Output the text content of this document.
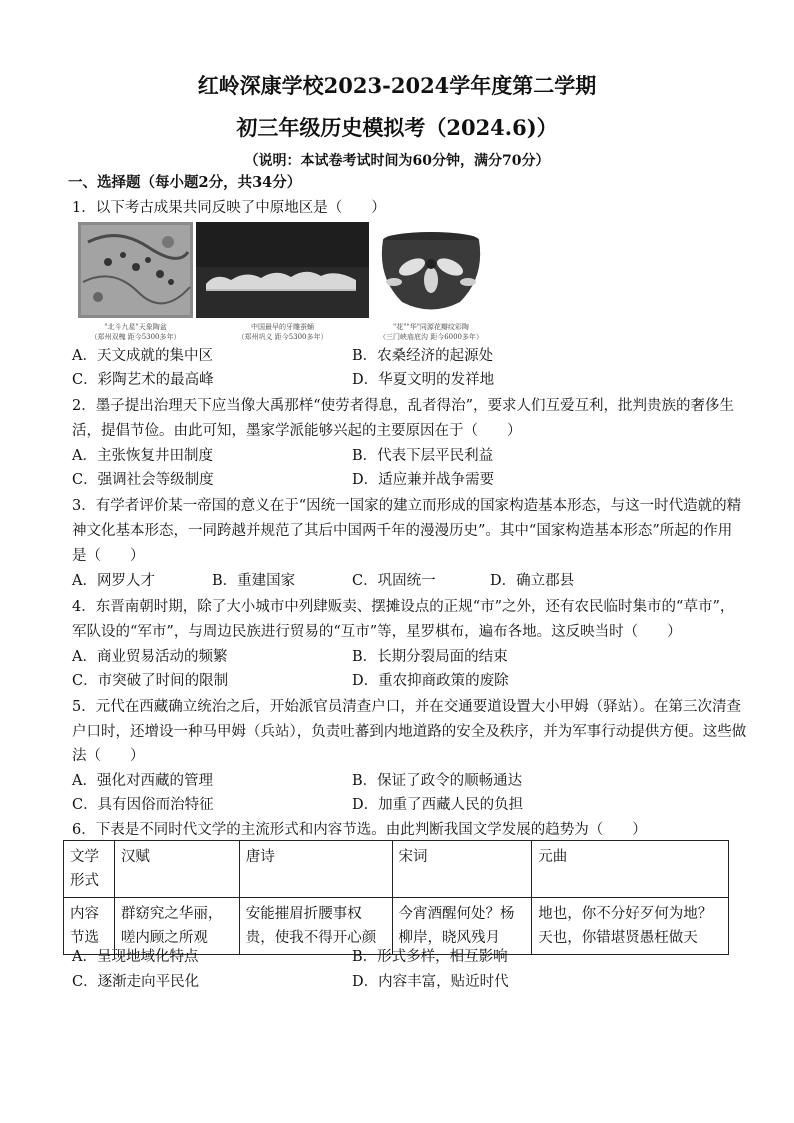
红岭深康学校2023-2024学年度第二学期
初三年级历史模拟考（2024.6)）
（说明：本试卷考试时间为60分钟，满分70分）
一、选择题（每小题2分，共34分）
1．以下考古成果共同反映了中原地区是（　　）
"北斗九星"天象陶盆
（郑州双槐 距今5300多年）
中国最早的牙雕蚕蛹
（郑州巩义 距今5300多年）
"花""华"同源花瓣纹彩陶
（三门峡庙底沟 距今6000多年）
A．天文成就的集中区	B．农桑经济的起源处
C．彩陶艺术的最高峰	D．华夏文明的发祥地
2．墨子提出治理天下应当像大禹那样“使劳者得息，乱者得治”，要求人们互爱互利，批判贵族的奢侈生
活，提倡节俭。由此可知，墨家学派能够兴起的主要原因在于（　　）
A．主张恢复井田制度	B．代表下层平民利益
C．强调社会等级制度	D．适应兼并战争需要
3．有学者评价某一帝国的意义在于“因统一国家的建立而形成的国家构造基本形态，与这一时代造就的精
神文化基本形态，一同跨越并规范了其后中国两千年的漫漫历史”。其中“国家构造基本形态”所起的作用
是（　　）
A．网罗人才	B．重建国家	C．巩固统一	D．确立郡县
4．东晋南朝时期，除了大小城市中列肆贩卖、摆摊设点的正规“市”之外，还有农民临时集市的“草市”，
军队设的“军市”，与周边民族进行贸易的“互市”等，星罗棋布，遍布各地。这反映当时（　　）
A．商业贸易活动的频繁	B．长期分裂局面的结束
C．市突破了时间的限制	D．重农抑商政策的废除
5．元代在西藏确立统治之后，开始派官员清查户口，并在交通要道设置大小甲姆（驿站）。在第三次清查
户口时，还增设一种马甲姆（兵站），负责吐蕃到内地道路的安全及秩序，并为军事行动提供方便。这些做
法（　　）
A．强化对西藏的管理	B．保证了政令的顺畅通达
C．具有因俗而治特征	D．加重了西藏人民的负担
6．下表是不同时代文学的主流形式和内容节选。由此判断我国文学发展的趋势为（　　）
文学形式	汉赋	唐诗	宋词	元曲
内容节选	群窈究之华丽，嗟内顾之所观	安能摧眉折腰事权贵，使我不得开心颜	今宵酒醒何处？杨柳岸，晓风残月	地也，你不分好歹何为地？天也，你错堪贤愚枉做天
A．呈现地域化特点	B．形式多样，相互影响
C．逐渐走向平民化	D．内容丰富，贴近时代
